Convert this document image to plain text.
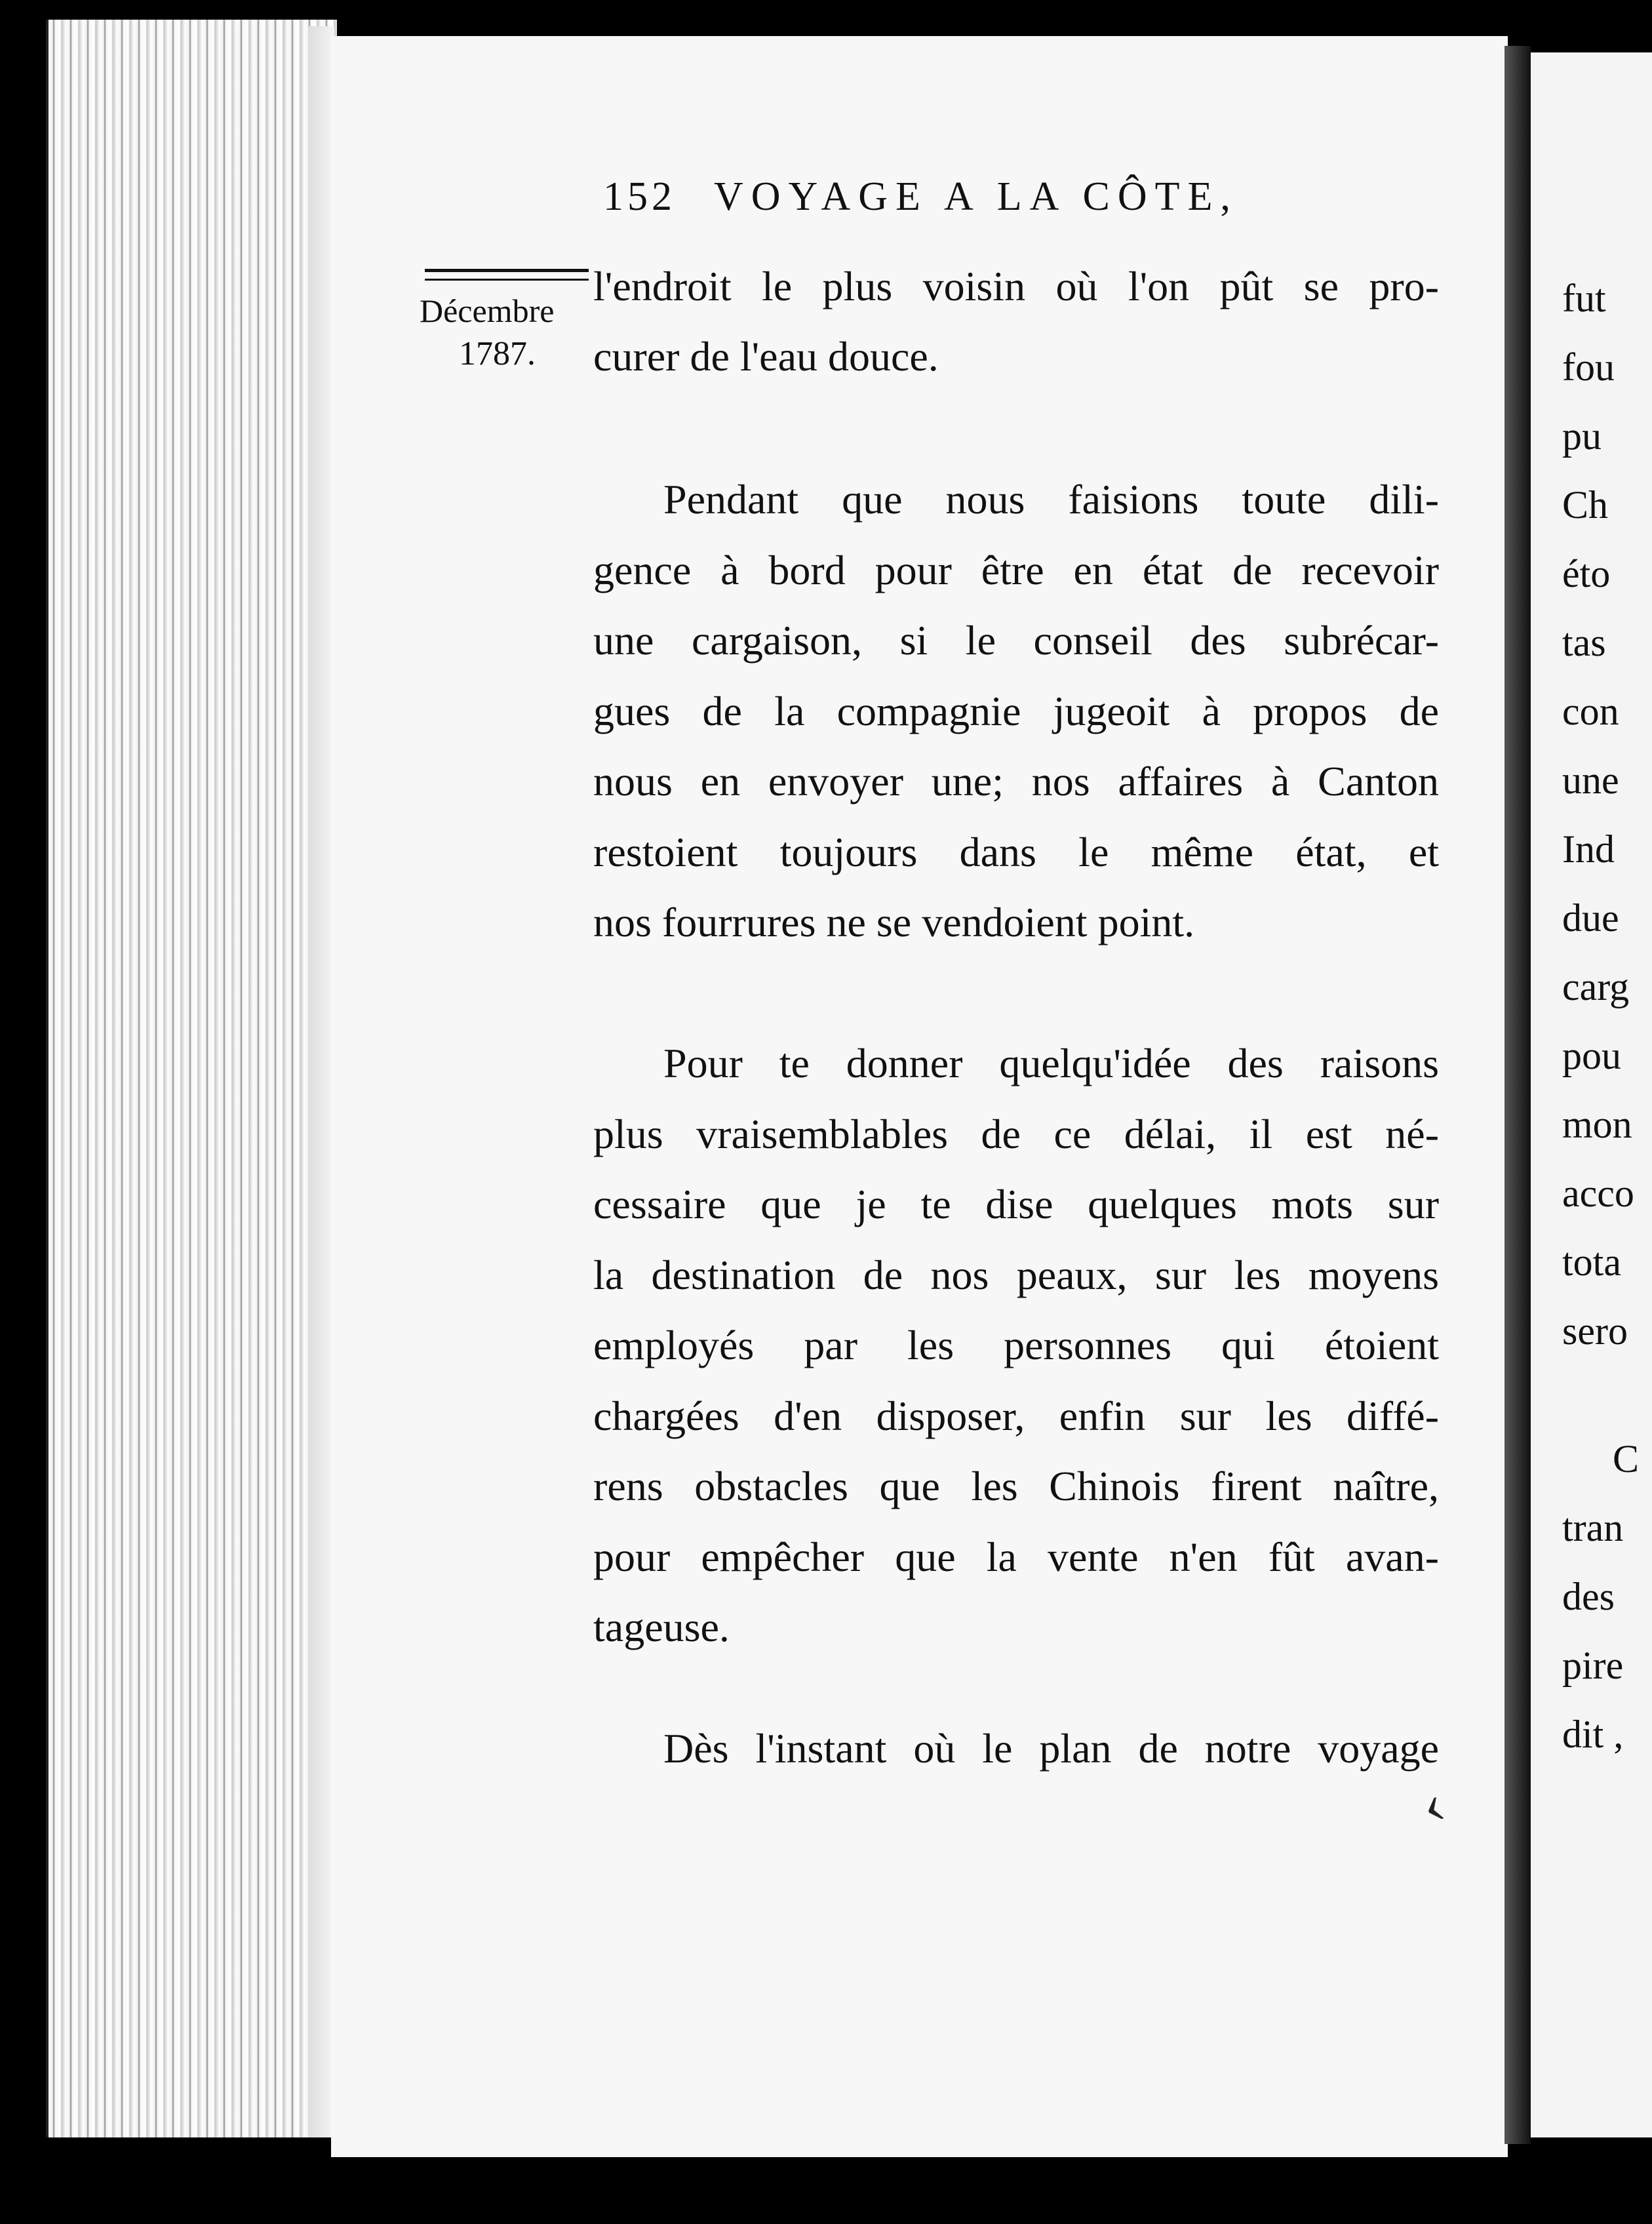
fut
fou
pu
Ch
éto
tas
con
une
Ind
due
carg
pou
mon
acco
tota
sero
C
tran
des
pire
dit ,
152 VOYAGE A LA CÔTE,
Décembre
1787.
l'endroit le plus voisin où l'on pût se pro-
curer de l'eau douce.
Pendant que nous faisions toute dili-
gence à bord pour être en état de recevoir
une cargaison, si le conseil des subrécar-
gues de la compagnie jugeoit à propos de
nous en envoyer une; nos affaires à Canton
restoient toujours dans le même état, et
nos fourrures ne se vendoient point.
Pour te donner quelqu'idée des raisons
plus vraisemblables de ce délai, il est né-
cessaire que je te dise quelques mots sur
la destination de nos peaux, sur les moyens
employés par les personnes qui étoient
chargées d'en disposer, enfin sur les diffé-
rens obstacles que les Chinois firent naître,
pour empêcher que la vente n'en fût avan-
tageuse.
Dès l'instant où le plan de notre voyage
‹
